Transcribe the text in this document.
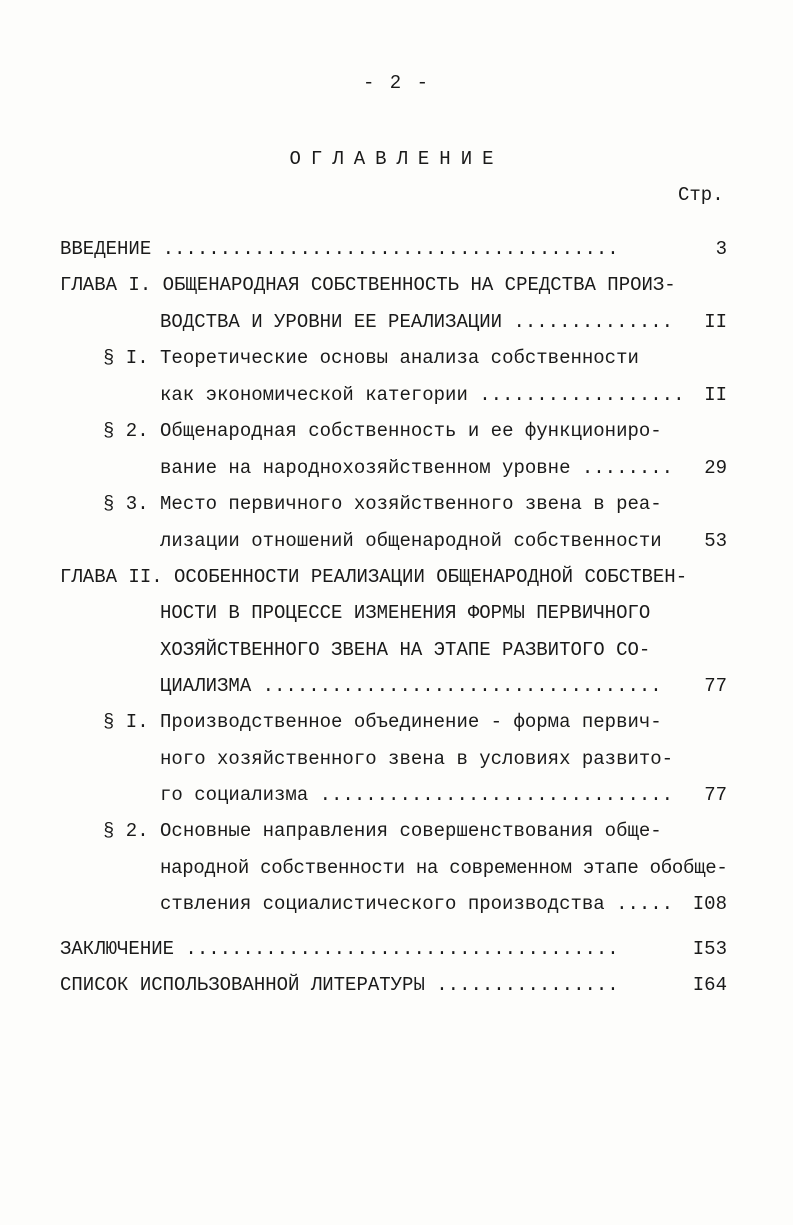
- 2 -
ОГЛАВЛЕНИЕ
Стр.
ВВЕДЕНИЕ ........................................	3
ГЛАВА I. ОБЩЕНАРОДНАЯ СОБСТВЕННОСТЬ НА СРЕДСТВА ПРОИЗ-
ВОДСТВА И УРОВНИ ЕЕ РЕАЛИЗАЦИИ ..............	II
§ I. Теоретические основы анализа собственности
как экономической категории ..................	II
§ 2. Общенародная собственность и ее функциониро-
вание на народнохозяйственном уровне ........	29
§ 3. Место первичного хозяйственного звена в реа-
лизации отношений общенародной собственности	53
ГЛАВА II. ОСОБЕННОСТИ РЕАЛИЗАЦИИ ОБЩЕНАРОДНОЙ СОБСТВЕН-
НОСТИ В ПРОЦЕССЕ ИЗМЕНЕНИЯ ФОРМЫ ПЕРВИЧНОГО
ХОЗЯЙСТВЕННОГО ЗВЕНА НА ЭТАПЕ РАЗВИТОГО СО-
ЦИАЛИЗМА ...................................	77
§ I. Производственное объединение - форма первич-
ного хозяйственного звена в условиях развито-
го социализма ...............................	77
§ 2. Основные направления совершенствования обще-
народной собственности на современном этапе обобще-
ствления социалистического производства .....	I08
ЗАКЛЮЧЕНИЕ ......................................	I53
СПИСОК ИСПОЛЬЗОВАННОЙ ЛИТЕРАТУРЫ ................	I64
